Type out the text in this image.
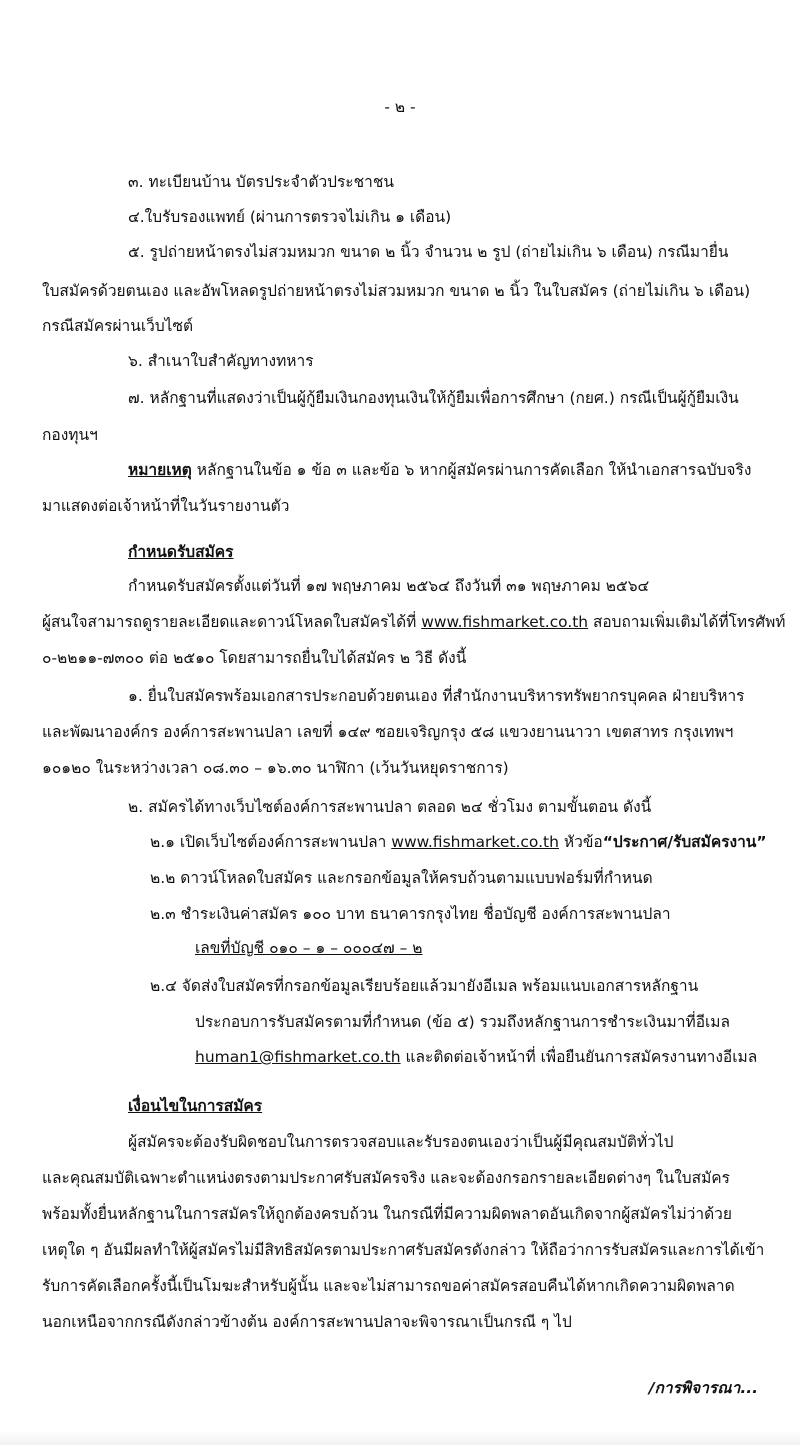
- ๒ -
๓. ทะเบียนบ้าน บัตรประจำตัวประชาชน
๔.ใบรับรองแพทย์ (ผ่านการตรวจไม่เกิน ๑ เดือน)
๕. รูปถ่ายหน้าตรงไม่สวมหมวก ขนาด ๒ นิ้ว จำนวน ๒ รูป (ถ่ายไม่เกิน ๖ เดือน) กรณีมายื่น
ใบสมัครด้วยตนเอง และอัพโหลดรูปถ่ายหน้าตรงไม่สวมหมวก ขนาด ๒ นิ้ว ในใบสมัคร (ถ่ายไม่เกิน ๖ เดือน)
กรณีสมัครผ่านเว็บไซต์
๖. สำเนาใบสำคัญทางทหาร
๗. หลักฐานที่แสดงว่าเป็นผู้กู้ยืมเงินกองทุนเงินให้กู้ยืมเพื่อการศึกษา (กยศ.) กรณีเป็นผู้กู้ยืมเงิน
กองทุนฯ
หมายเหตุ หลักฐานในข้อ ๑ ข้อ ๓ และข้อ ๖ หากผู้สมัครผ่านการคัดเลือก ให้นำเอกสารฉบับจริง
มาแสดงต่อเจ้าหน้าที่ในวันรายงานตัว
กำหนดรับสมัคร
กำหนดรับสมัครตั้งแต่วันที่ ๑๗ พฤษภาคม ๒๕๖๔ ถึงวันที่ ๓๑ พฤษภาคม ๒๕๖๔
ผู้สนใจสามารถดูรายละเอียดและดาวน์โหลดใบสมัครได้ที่ www.fishmarket.co.th สอบถามเพิ่มเติมได้ที่โทรศัพท์
๐-๒๒๑๑-๗๓๐๐ ต่อ ๒๕๑๐ โดยสามารถยื่นใบได้สมัคร ๒ วิธี ดังนี้
๑. ยื่นใบสมัครพร้อมเอกสารประกอบด้วยตนเอง ที่สำนักงานบริหารทรัพยากรบุคคล ฝ่ายบริหาร
และพัฒนาองค์กร องค์การสะพานปลา เลขที่ ๑๔๙ ซอยเจริญกรุง ๕๘ แขวงยานนาวา เขตสาทร กรุงเทพฯ
๑๐๑๒๐ ในระหว่างเวลา ๐๘.๓๐ – ๑๖.๓๐ นาฬิกา (เว้นวันหยุดราชการ)
๒. สมัครได้ทางเว็บไซต์องค์การสะพานปลา ตลอด ๒๔ ชั่วโมง ตามขั้นตอน ดังนี้
๒.๑ เปิดเว็บไซต์องค์การสะพานปลา www.fishmarket.co.th หัวข้อ“ประกาศ/รับสมัครงาน”
๒.๒ ดาวน์โหลดใบสมัคร และกรอกข้อมูลให้ครบถ้วนตามแบบฟอร์มที่กำหนด
๒.๓ ชำระเงินค่าสมัคร ๑๐๐ บาท ธนาคารกรุงไทย ชื่อบัญชี องค์การสะพานปลา
เลขที่บัญชี ๐๑๐ – ๑ – ๐๐๐๔๗ – ๒
๒.๔ จัดส่งใบสมัครที่กรอกข้อมูลเรียบร้อยแล้วมายังอีเมล พร้อมแนบเอกสารหลักฐาน
ประกอบการรับสมัครตามที่กำหนด (ข้อ ๕) รวมถึงหลักฐานการชำระเงินมาที่อีเมล
human1@fishmarket.co.th และติดต่อเจ้าหน้าที่ เพื่อยืนยันการสมัครงานทางอีเมล
เงื่อนไขในการสมัคร
ผู้สมัครจะต้องรับผิดชอบในการตรวจสอบและรับรองตนเองว่าเป็นผู้มีคุณสมบัติทั่วไป
และคุณสมบัติเฉพาะตำแหน่งตรงตามประกาศรับสมัครจริง และจะต้องกรอกรายละเอียดต่างๆ ในใบสมัคร
พร้อมทั้งยื่นหลักฐานในการสมัครให้ถูกต้องครบถ้วน ในกรณีที่มีความผิดพลาดอันเกิดจากผู้สมัครไม่ว่าด้วย
เหตุใด ๆ อันมีผลทำให้ผู้สมัครไม่มีสิทธิสมัครตามประกาศรับสมัครดังกล่าว ให้ถือว่าการรับสมัครและการได้เข้า
รับการคัดเลือกครั้งนี้เป็นโมฆะสำหรับผู้นั้น และจะไม่สามารถขอค่าสมัครสอบคืนได้หากเกิดความผิดพลาด
นอกเหนือจากกรณีดังกล่าวข้างต้น องค์การสะพานปลาจะพิจารณาเป็นกรณี ๆ ไป
/การพิจารณา...
